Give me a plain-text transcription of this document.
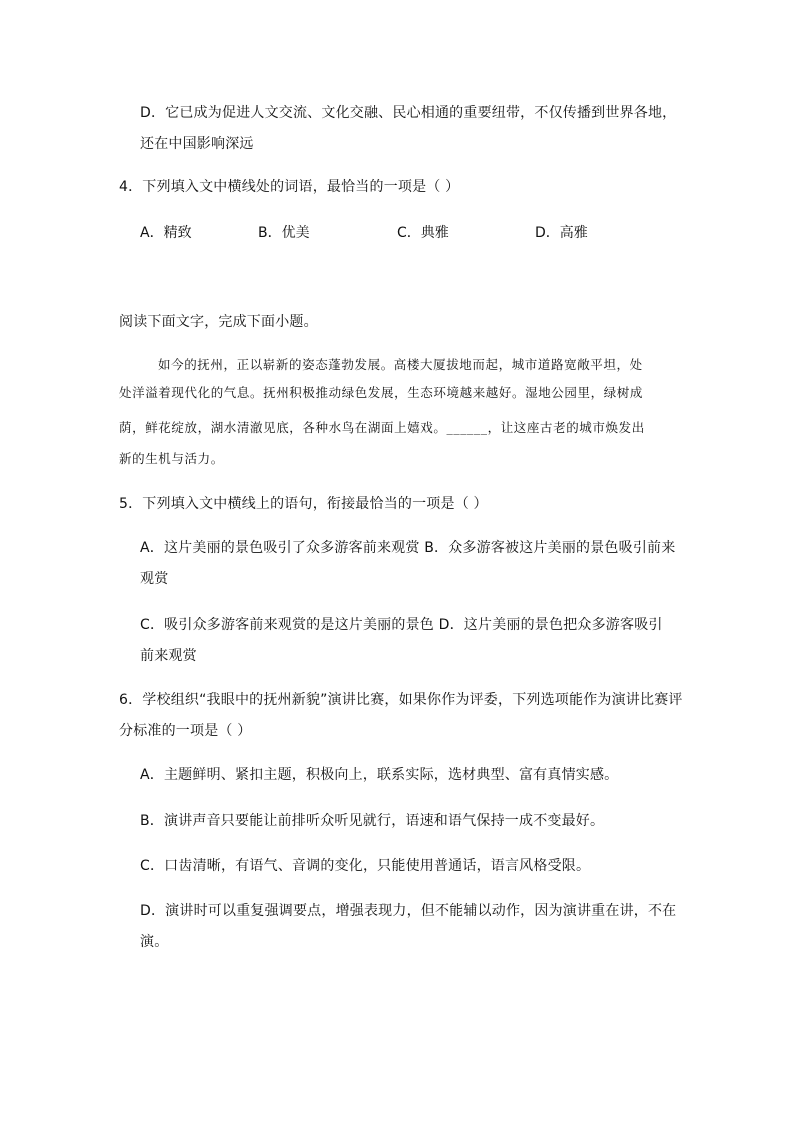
D．它已成为促进人文交流、文化交融、民心相通的重要纽带，不仅传播到世界各地，
还在中国影响深远
4．下列填入文中横线处的词语，最恰当的一项是（ ）
A．精致	B．优美	C．典雅	D．高雅
阅读下面文字，完成下面小题。
如今的抚州，正以崭新的姿态蓬勃发展。高楼大厦拔地而起，城市道路宽敞平坦，处
处洋溢着现代化的气息。抚州积极推动绿色发展，生态环境越来越好。湿地公园里，绿树成
荫，鲜花绽放，湖水清澈见底，各种水鸟在湖面上嬉戏。______，让这座古老的城市焕发出
新的生机与活力。
5．下列填入文中横线上的语句，衔接最恰当的一项是（ ）
A．这片美丽的景色吸引了众多游客前来观赏 B．众多游客被这片美丽的景色吸引前来
观赏
C．吸引众多游客前来观赏的是这片美丽的景色 D．这片美丽的景色把众多游客吸引
前来观赏
6．学校组织“我眼中的抚州新貌”演讲比赛，如果你作为评委，下列选项能作为演讲比赛评
分标准的一项是（ ）
A．主题鲜明、紧扣主题，积极向上，联系实际，选材典型、富有真情实感。
B．演讲声音只要能让前排听众听见就行，语速和语气保持一成不变最好。
C．口齿清晰，有语气、音调的变化，只能使用普通话，语言风格受限。
D．演讲时可以重复强调要点，增强表现力，但不能辅以动作，因为演讲重在讲，不在
演。
